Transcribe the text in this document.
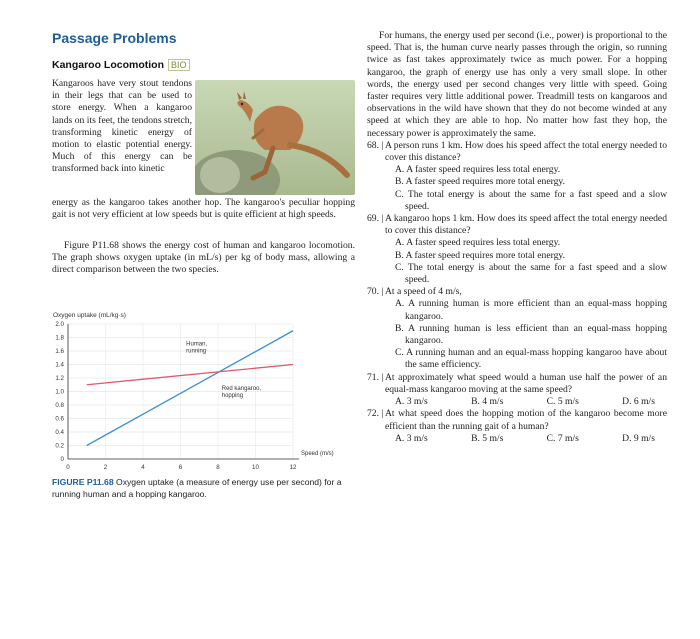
Passage Problems
Kangaroo Locomotion BIO
Kangaroos have very stout tendons in their legs that can be used to store energy. When a kangaroo lands on its feet, the tendons stretch, transforming kinetic energy of motion to elastic potential energy. Much of this energy can be transformed back into kinetic
energy as the kangaroo takes another hop. The kangaroo's peculiar hopping gait is not very efficient at low speeds but is quite efficient at high speeds.
Figure P11.68 shows the energy cost of human and kangaroo locomotion. The graph shows oxygen uptake (in mL/s) per kg of body mass, allowing a direct comparison between the two species.
Oxygen uptake (mL/kg·s)
0
0.2
0.4
0.6
0.8
1.0
1.2
1.4
1.6
1.8
2.0
0	2	4	6	8	10	12
Speed (m/s)
Human,
running
Red kangaroo,
hopping
FIGURE P11.68 Oxygen uptake (a measure of energy use per second) for a running human and a hopping kangaroo.
For humans, the energy used per second (i.e., power) is proportional to the speed. That is, the human curve nearly passes through the origin, so running twice as fast takes approximately twice as much power. For a hopping kangaroo, the graph of energy use has only a very small slope. In other words, the energy used per second changes very little with speed. Going faster requires very little additional power. Treadmill tests on kangaroos and observations in the wild have shown that they do not become winded at any speed at which they are able to hop. No matter how fast they hop, the necessary power is approximately the same.
68. | A person runs 1 km. How does his speed affect the total energy needed to cover this distance?
A. A faster speed requires less total energy.
B. A faster speed requires more total energy.
C. The total energy is about the same for a fast speed and a slow speed.
69. | A kangaroo hops 1 km. How does its speed affect the total energy needed to cover this distance?
A. A faster speed requires less total energy.
B. A faster speed requires more total energy.
C. The total energy is about the same for a fast speed and a slow speed.
70. | At a speed of 4 m/s,
A. A running human is more efficient than an equal-mass hopping kangaroo.
B. A running human is less efficient than an equal-mass hopping kangaroo.
C. A running human and an equal-mass hopping kangaroo have about the same efficiency.
71. | At approximately what speed would a human use half the power of an equal-mass kangaroo moving at the same speed?
A. 3 m/s	B. 4 m/s	C. 5 m/s	D. 6 m/s
72. | At what speed does the hopping motion of the kangaroo become more efficient than the running gait of a human?
A. 3 m/s	B. 5 m/s	C. 7 m/s	D. 9 m/s
